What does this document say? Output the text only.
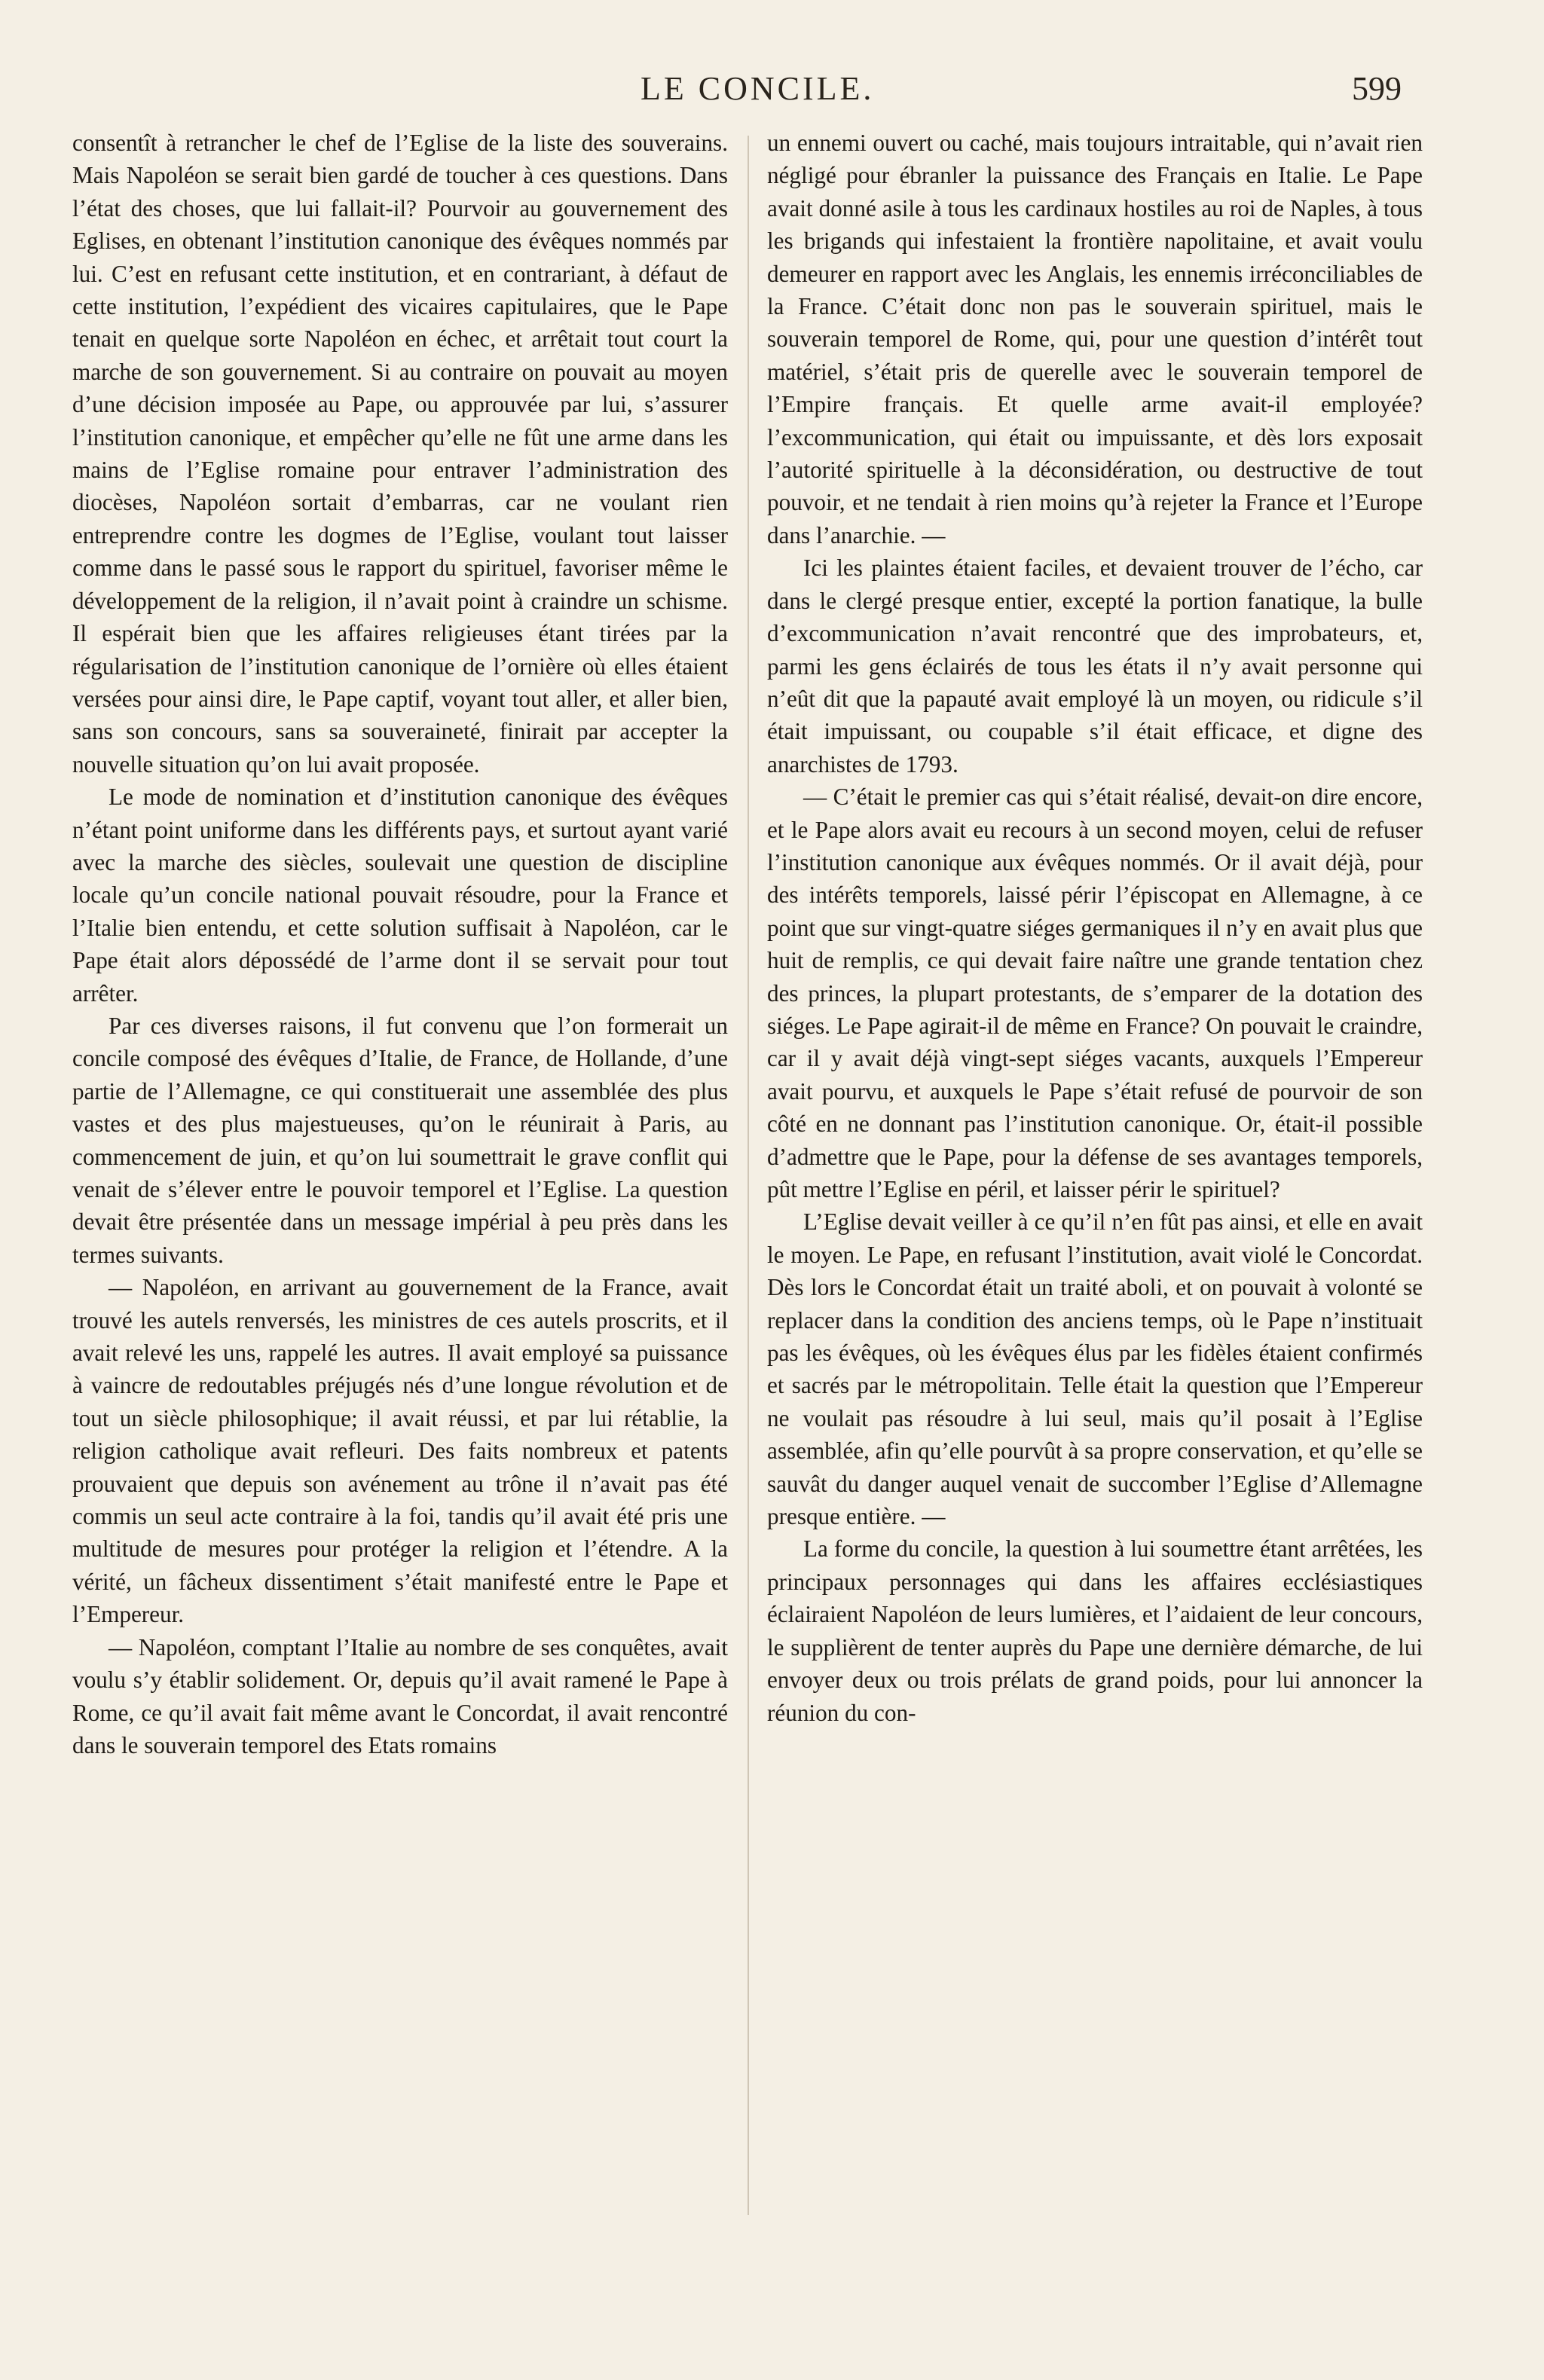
LE CONCILE.	599

consentît à retrancher le chef de l’Eglise de la liste des souverains. Mais Napoléon se serait bien gardé de toucher à ces questions. Dans l’état des choses, que lui fallait-il? Pourvoir au gouvernement des Eglises, en obtenant l’institution canonique des évêques nommés par lui. C’est en refusant cette institution, et en contrariant, à défaut de cette institution, l’expédient des vicaires capitulaires, que le Pape tenait en quelque sorte Napoléon en échec, et arrêtait tout court la marche de son gouvernement. Si au contraire on pouvait au moyen d’une décision imposée au Pape, ou approuvée par lui, s’assurer l’institution canonique, et empêcher qu’elle ne fût une arme dans les mains de l’Eglise romaine pour entraver l’administration des diocèses, Napoléon sortait d’embarras, car ne voulant rien entreprendre contre les dogmes de l’Eglise, voulant tout laisser comme dans le passé sous le rapport du spirituel, favoriser même le développement de la religion, il n’avait point à craindre un schisme. Il espérait bien que les affaires religieuses étant tirées par la régularisation de l’institution canonique de l’ornière où elles étaient versées pour ainsi dire, le Pape captif, voyant tout aller, et aller bien, sans son concours, sans sa souveraineté, finirait par accepter la nouvelle situation qu’on lui avait proposée.

Le mode de nomination et d’institution canonique des évêques n’étant point uniforme dans les différents pays, et surtout ayant varié avec la marche des siècles, soulevait une question de discipline locale qu’un concile national pouvait résoudre, pour la France et l’Italie bien entendu, et cette solution suffisait à Napoléon, car le Pape était alors dépossédé de l’arme dont il se servait pour tout arrêter.

Par ces diverses raisons, il fut convenu que l’on formerait un concile composé des évêques d’Italie, de France, de Hollande, d’une partie de l’Allemagne, ce qui constituerait une assemblée des plus vastes et des plus majestueuses, qu’on le réunirait à Paris, au commencement de juin, et qu’on lui soumettrait le grave conflit qui venait de s’élever entre le pouvoir temporel et l’Eglise. La question devait être présentée dans un message impérial à peu près dans les termes suivants.

— Napoléon, en arrivant au gouvernement de la France, avait trouvé les autels renversés, les ministres de ces autels proscrits, et il avait relevé les uns, rappelé les autres. Il avait employé sa puissance à vaincre de redoutables préjugés nés d’une longue révolution et de tout un siècle philosophique; il avait réussi, et par lui rétablie, la religion catholique avait refleuri. Des faits nombreux et patents prouvaient que depuis son avénement au trône il n’avait pas été commis un seul acte contraire à la foi, tandis qu’il avait été pris une multitude de mesures pour protéger la religion et l’étendre. A la vérité, un fâcheux dissentiment s’était manifesté entre le Pape et l’Empereur.

— Napoléon, comptant l’Italie au nombre de ses conquêtes, avait voulu s’y établir solidement. Or, depuis qu’il avait ramené le Pape à Rome, ce qu’il avait fait même avant le Concordat, il avait rencontré dans le souverain temporel des Etats romains

un ennemi ouvert ou caché, mais toujours intraitable, qui n’avait rien négligé pour ébranler la puissance des Français en Italie. Le Pape avait donné asile à tous les cardinaux hostiles au roi de Naples, à tous les brigands qui infestaient la frontière napolitaine, et avait voulu demeurer en rapport avec les Anglais, les ennemis irréconciliables de la France. C’était donc non pas le souverain spirituel, mais le souverain temporel de Rome, qui, pour une question d’intérêt tout matériel, s’était pris de querelle avec le souverain temporel de l’Empire français. Et quelle arme avait-il employée? l’excommunication, qui était ou impuissante, et dès lors exposait l’autorité spirituelle à la déconsidération, ou destructive de tout pouvoir, et ne tendait à rien moins qu’à rejeter la France et l’Europe dans l’anarchie. —

Ici les plaintes étaient faciles, et devaient trouver de l’écho, car dans le clergé presque entier, excepté la portion fanatique, la bulle d’excommunication n’avait rencontré que des improbateurs, et, parmi les gens éclairés de tous les états il n’y avait personne qui n’eût dit que la papauté avait employé là un moyen, ou ridicule s’il était impuissant, ou coupable s’il était efficace, et digne des anarchistes de 1793.

— C’était le premier cas qui s’était réalisé, devait-on dire encore, et le Pape alors avait eu recours à un second moyen, celui de refuser l’institution canonique aux évêques nommés. Or il avait déjà, pour des intérêts temporels, laissé périr l’épiscopat en Allemagne, à ce point que sur vingt-quatre siéges germaniques il n’y en avait plus que huit de remplis, ce qui devait faire naître une grande tentation chez des princes, la plupart protestants, de s’emparer de la dotation des siéges. Le Pape agirait-il de même en France? On pouvait le craindre, car il y avait déjà vingt-sept siéges vacants, auxquels l’Empereur avait pourvu, et auxquels le Pape s’était refusé de pourvoir de son côté en ne donnant pas l’institution canonique. Or, était-il possible d’admettre que le Pape, pour la défense de ses avantages temporels, pût mettre l’Eglise en péril, et laisser périr le spirituel?

L’Eglise devait veiller à ce qu’il n’en fût pas ainsi, et elle en avait le moyen. Le Pape, en refusant l’institution, avait violé le Concordat. Dès lors le Concordat était un traité aboli, et on pouvait à volonté se replacer dans la condition des anciens temps, où le Pape n’instituait pas les évêques, où les évêques élus par les fidèles étaient confirmés et sacrés par le métropolitain. Telle était la question que l’Empereur ne voulait pas résoudre à lui seul, mais qu’il posait à l’Eglise assemblée, afin qu’elle pourvût à sa propre conservation, et qu’elle se sauvât du danger auquel venait de succomber l’Eglise d’Allemagne presque entière. —

La forme du concile, la question à lui soumettre étant arrêtées, les principaux personnages qui dans les affaires ecclésiastiques éclairaient Napoléon de leurs lumières, et l’aidaient de leur concours, le supplièrent de tenter auprès du Pape une dernière démarche, de lui envoyer deux ou trois prélats de grand poids, pour lui annoncer la réunion du con-
